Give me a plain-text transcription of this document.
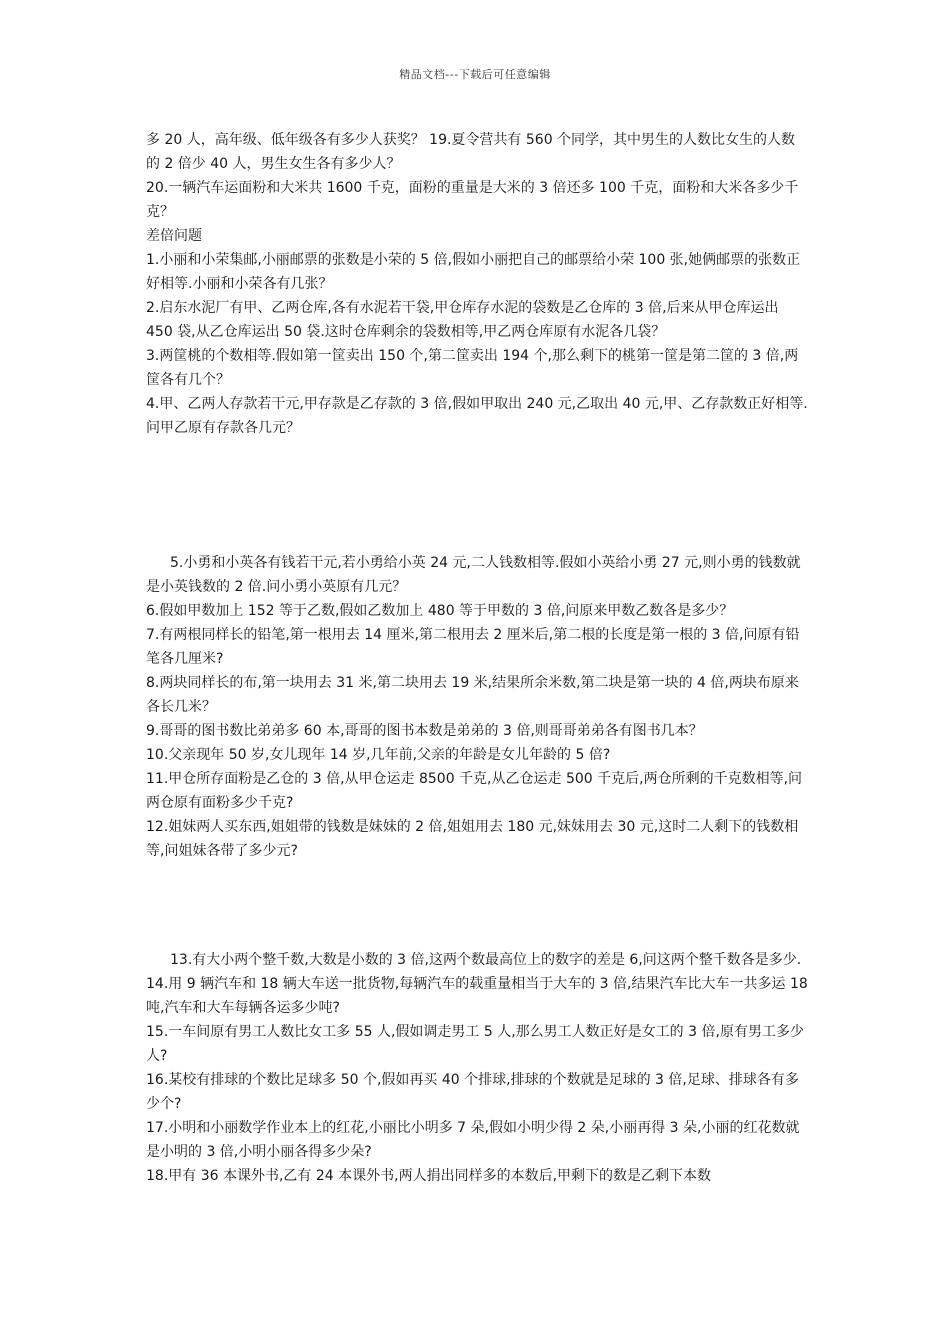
精品文档---下载后可任意编辑

多 20 人，高年级、低年级各有多少人获奖？ 19.夏令营共有 560 个同学，其中男生的人数比女生的人数的 2 倍少 40 人，男生女生各有多少人？

20.一辆汽车运面粉和大米共 1600 千克，面粉的重量是大米的 3 倍还多 100 千克，面粉和大米各多少千克？

差倍问题

1.小丽和小荣集邮,小丽邮票的张数是小荣的 5 倍,假如小丽把自己的邮票给小荣 100 张,她俩邮票的张数正好相等.小丽和小荣各有几张？

2.启东水泥厂有甲、乙两仓库,各有水泥若干袋,甲仓库存水泥的袋数是乙仓库的 3 倍,后来从甲仓库运出 450 袋,从乙仓库运出 50 袋.这时仓库剩余的袋数相等,甲乙两仓库原有水泥各几袋？

3.两筐桃的个数相等.假如第一筐卖出 150 个,第二筐卖出 194 个,那么剩下的桃第一筐是第二筐的 3 倍,两筐各有几个？

4.甲、乙两人存款若干元,甲存款是乙存款的 3 倍,假如甲取出 240 元,乙取出 40 元,甲、乙存款数正好相等.问甲乙原有存款各几元？

5.小勇和小英各有钱若干元,若小勇给小英 24 元,二人钱数相等.假如小英给小勇 27 元,则小勇的钱数就是小英钱数的 2 倍.问小勇小英原有几元？

6.假如甲数加上 152 等于乙数,假如乙数加上 480 等于甲数的 3 倍,问原来甲数乙数各是多少？

7.有两根同样长的铅笔,第一根用去 14 厘米,第二根用去 2 厘米后,第二根的长度是第一根的 3 倍,问原有铅笔各几厘米?

8.两块同样长的布,第一块用去 31 米,第二块用去 19 米,结果所余米数,第二块是第一块的 4 倍,两块布原来各长几米？

9.哥哥的图书数比弟弟多 60 本,哥哥的图书本数是弟弟的 3 倍,则哥哥弟弟各有图书几本？

10.父亲现年 50 岁,女儿现年 14 岁,几年前,父亲的年龄是女儿年龄的 5 倍?

11.甲仓所存面粉是乙仓的 3 倍,从甲仓运走 8500 千克,从乙仓运走 500 千克后,两仓所剩的千克数相等,问两仓原有面粉多少千克?

12.姐妹两人买东西,姐姐带的钱数是妹妹的 2 倍,姐姐用去 180 元,妹妹用去 30 元,这时二人剩下的钱数相等,问姐妹各带了多少元?

13.有大小两个整千数,大数是小数的 3 倍,这两个数最高位上的数字的差是 6,问这两个整千数各是多少.

14.用 9 辆汽车和 18 辆大车送一批货物,每辆汽车的载重量相当于大车的 3 倍,结果汽车比大车一共多运 18 吨,汽车和大车每辆各运多少吨?

15.一车间原有男工人数比女工多 55 人,假如调走男工 5 人,那么男工人数正好是女工的 3 倍,原有男工多少人?

16.某校有排球的个数比足球多 50 个,假如再买 40 个排球,排球的个数就是足球的 3 倍,足球、排球各有多少个?

17.小明和小丽数学作业本上的红花,小丽比小明多 7 朵,假如小明少得 2 朵,小丽再得 3 朵,小丽的红花数就是小明的 3 倍,小明小丽各得多少朵?

18.甲有 36 本课外书,乙有 24 本课外书,两人捐出同样多的本数后,甲剩下的数是乙剩下本数
